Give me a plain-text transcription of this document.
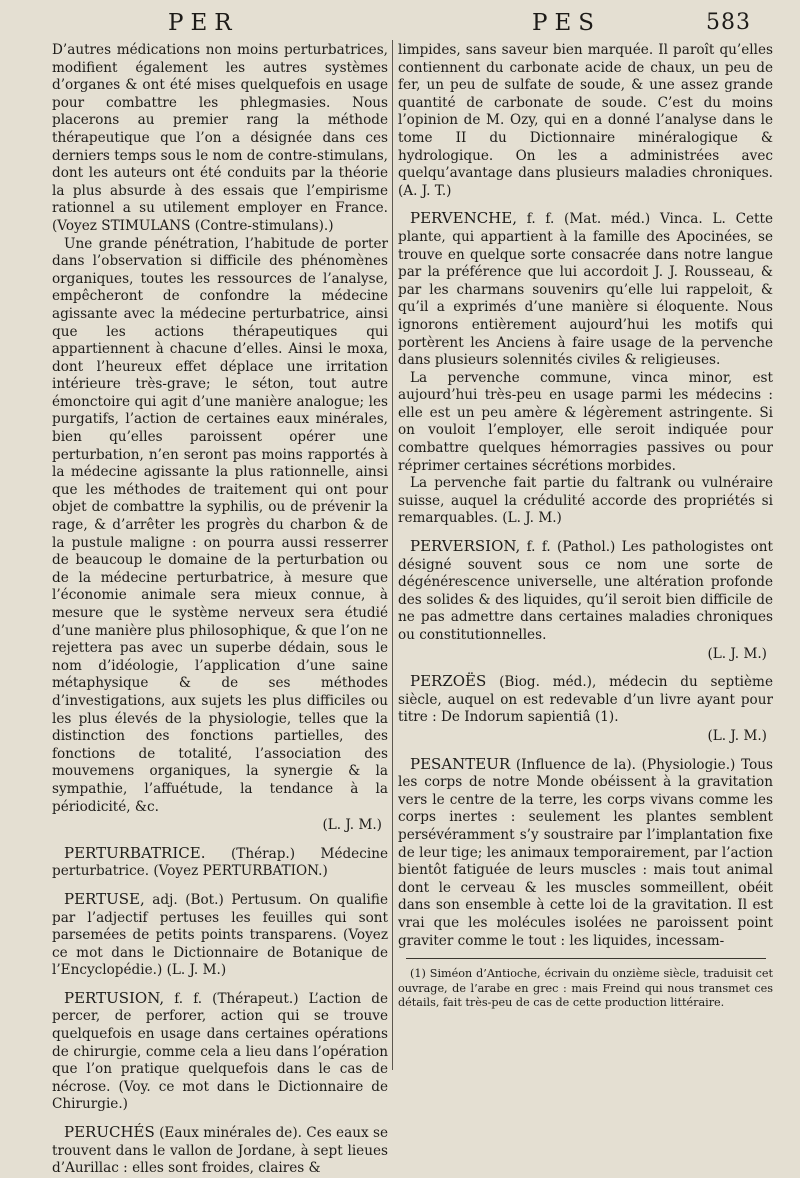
PER	PES	583

D’autres médications non moins perturbatrices, modifient également les autres systèmes d’organes & ont été mises quelquefois en usage pour combattre les phlegmasies. Nous placerons au premier rang la méthode thérapeutique que l’on a désignée dans ces derniers temps sous le nom de contre-stimulans, dont les auteurs ont été conduits par la théorie la plus absurde à des essais que l’empirisme rationnel a su utilement employer en France. (Voyez STIMULANS (Contre-stimulans).)

Une grande pénétration, l’habitude de porter dans l’observation si difficile des phénomènes organiques, toutes les ressources de l’analyse, empêcheront de confondre la médecine agissante avec la médecine perturbatrice, ainsi que les actions thérapeutiques qui appartiennent à chacune d’elles. Ainsi le moxa, dont l’heureux effet déplace une irritation intérieure très-grave; le séton, tout autre émonctoire qui agit d’une manière analogue; les purgatifs, l’action de certaines eaux minérales, bien qu’elles paroissent opérer une perturbation, n’en seront pas moins rapportés à la médecine agissante la plus rationnelle, ainsi que les méthodes de traitement qui ont pour objet de combattre la syphilis, ou de prévenir la rage, & d’arrêter les progrès du charbon & de la pustule maligne : on pourra aussi resserrer de beaucoup le domaine de la perturbation ou de la médecine perturbatrice, à mesure que l’économie animale sera mieux connue, à mesure que le système nerveux sera étudié d’une manière plus philosophique, & que l’on ne rejettera pas avec un superbe dédain, sous le nom d’idéologie, l’application d’une saine métaphysique & de ses méthodes d’investigations, aux sujets les plus difficiles ou les plus élevés de la physiologie, telles que la distinction des fonctions partielles, des fonctions de totalité, l’association des mouvemens organiques, la synergie & la sympathie, l’affuétude, la tendance à la périodicité, &c.

(L. J. M.)

PERTURBATRICE. (Thérap.) Médecine perturbatrice. (Voyez PERTURBATION.)

PERTUSE, adj. (Bot.) Pertusum. On qualifie par l’adjectif pertuses les feuilles qui sont parsemées de petits points transparens. (Voyez ce mot dans le Dictionnaire de Botanique de l’Encyclopédie.) (L. J. M.)

PERTUSION, f. f. (Thérapeut.) L’action de percer, de perforer, action qui se trouve quelquefois en usage dans certaines opérations de chirurgie, comme cela a lieu dans l’opération que l’on pratique quelquefois dans le cas de nécrose. (Voy. ce mot dans le Dictionnaire de Chirurgie.)

PERUCHÉS (Eaux minérales de). Ces eaux se trouvent dans le vallon de Jordane, à sept lieues d’Aurillac : elles sont froides, claires &

limpides, sans saveur bien marquée. Il paroît qu’elles contiennent du carbonate acide de chaux, un peu de fer, un peu de sulfate de soude, & une assez grande quantité de carbonate de soude. C’est du moins l’opinion de M. Ozy, qui en a donné l’analyse dans le tome II du Dictionnaire minéralogique & hydrologique. On les a administrées avec quelqu’avantage dans plusieurs maladies chroniques. (A. J. T.)

PERVENCHE, f. f. (Mat. méd.) Vinca. L. Cette plante, qui appartient à la famille des Apocinées, se trouve en quelque sorte consacrée dans notre langue par la préférence que lui accordoit J. J. Rousseau, & par les charmans souvenirs qu’elle lui rappeloit, & qu’il a exprimés d’une manière si éloquente. Nous ignorons entièrement aujourd’hui les motifs qui portèrent les Anciens à faire usage de la pervenche dans plusieurs solennités civiles & religieuses.

La pervenche commune, vinca minor, est aujourd’hui très-peu en usage parmi les médecins : elle est un peu amère & légèrement astringente. Si on vouloit l’employer, elle seroit indiquée pour combattre quelques hémorragies passives ou pour réprimer certaines sécrétions morbides.

La pervenche fait partie du faltrank ou vulnéraire suisse, auquel la crédulité accorde des propriétés si remarquables. (L. J. M.)

PERVERSION, f. f. (Pathol.) Les pathologistes ont désigné souvent sous ce nom une sorte de dégénérescence universelle, une altération profonde des solides & des liquides, qu’il seroit bien difficile de ne pas admettre dans certaines maladies chroniques ou constitutionnelles.

(L. J. M.)

PERZOËS (Biog. méd.), médecin du septième siècle, auquel on est redevable d’un livre ayant pour titre : De Indorum sapientiâ (1).

(L. J. M.)

PESANTEUR (Influence de la). (Physiologie.) Tous les corps de notre Monde obéissent à la gravitation vers le centre de la terre, les corps vivans comme les corps inertes : seulement les plantes semblent persévéramment s’y soustraire par l’implantation fixe de leur tige; les animaux temporairement, par l’action bientôt fatiguée de leurs muscles : mais tout animal dont le cerveau & les muscles sommeillent, obéit dans son ensemble à cette loi de la gravitation. Il est vrai que les molécules isolées ne paroissent point graviter comme le tout : les liquides, incessam-

(1) Siméon d’Antioche, écrivain du onzième siècle, traduisit cet ouvrage, de l’arabe en grec : mais Freind qui nous transmet ces détails, fait très-peu de cas de cette production littéraire.
